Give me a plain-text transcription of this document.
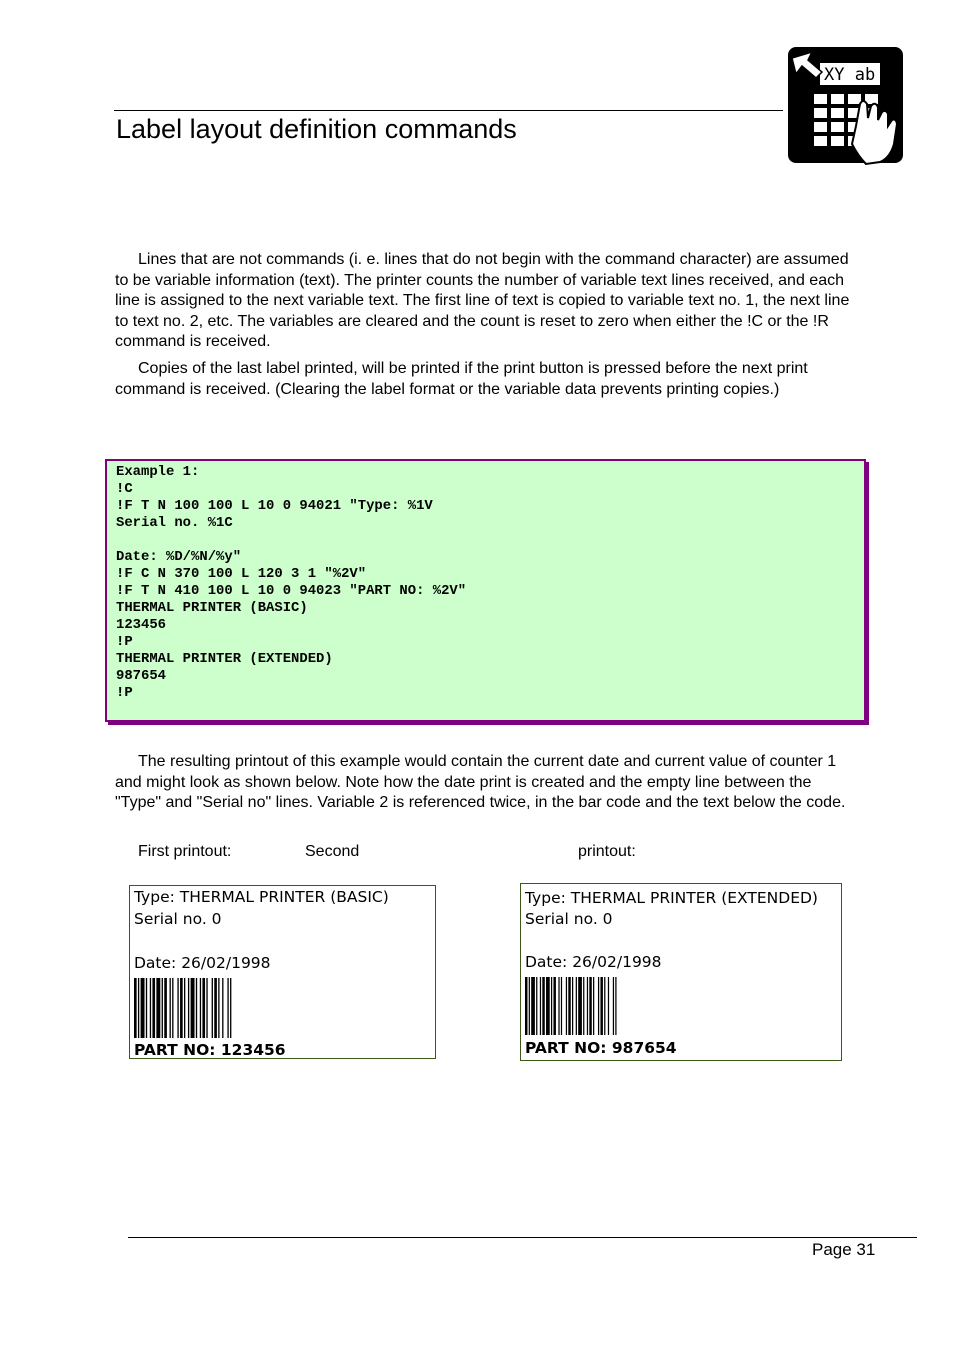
Label layout definition commands
XY ab

Lines that are not commands (i. e. lines that do not begin with the command character) are assumed to be variable information (text). The printer counts the number of variable text lines received, and each line is assigned to the next variable text. The first line of text is copied to variable text no. 1, the next line to text no. 2, etc. The variables are cleared and the count is reset to zero when either the !C or the !R command is received.

Copies of the last label printed, will be printed if the print button is pressed before the next print command is received. (Clearing the label format or the variable data prevents printing copies.)

Example 1:
!C
!F T N 100 100 L 10 0 94021 "Type: %1V
Serial no. %1C

Date: %D/%N/%y"
!F C N 370 100 L 120 3 1 "%2V"
!F T N 410 100 L 10 0 94023 "PART NO: %2V"
THERMAL PRINTER (BASIC)
123456
!P
THERMAL PRINTER (EXTENDED)
987654
!P

The resulting printout of this example would contain the current date and current value of counter 1 and might look as shown below. Note how the date print is created and the empty line between the "Type" and "Serial no" lines. Variable 2 is referenced twice, in the bar code and the text below the code.

First printout:	Second	printout:
Type: THERMAL PRINTER (BASIC)
Serial no. 0
Date: 26/02/1998
PART NO: 123456
Type: THERMAL PRINTER (EXTENDED)
Serial no. 0
Date: 26/02/1998
PART NO: 987654
Page 31
